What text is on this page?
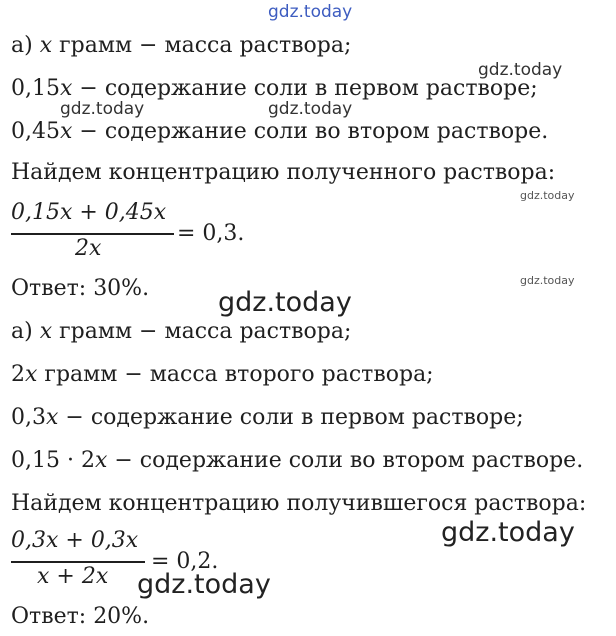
gdz.today
gdz.today
gdz.today	gdz.today
gdz.today
gdz.today
gdz.today
gdz.today
gdz.today
а) x грамм − масса раствора;
0,15x − содержание соли в первом растворе;
0,45x − содержание соли во втором растворе.
Найдем концентрацию полученного раствора:
0,15x + 0,45x
2x
= 0,3.
Ответ: 30%.
а) x грамм − масса раствора;
2x грамм − масса второго раствора;
0,3x − содержание соли в первом растворе;
0,15 · 2x − содержание соли во втором растворе.
Найдем концентрацию получившегося раствора:
0,3x + 0,3x
x + 2x
= 0,2.
Ответ: 20%.
